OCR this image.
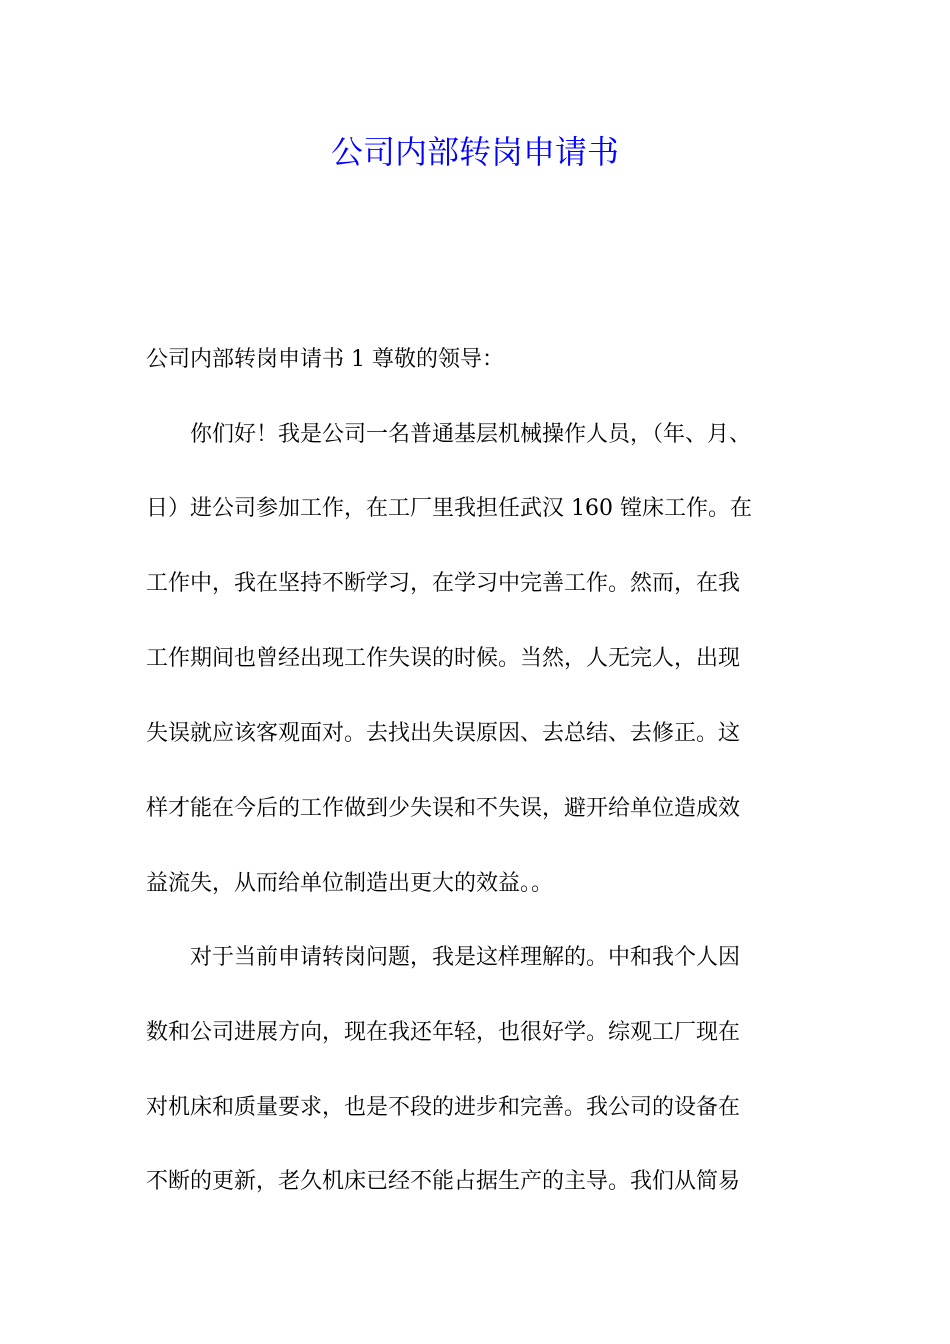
公司内部转岗申请书

公司内部转岗申请书 1 尊敬的领导：

　　你们好！我是公司一名普通基层机械操作人员，（年、月、

日）进公司参加工作，在工厂里我担任武汉 160 镗床工作。在

工作中，我在坚持不断学习，在学习中完善工作。然而，在我

工作期间也曾经出现工作失误的时候。当然，人无完人，出现

失误就应该客观面对。去找出失误原因、去总结、去修正。这

样才能在今后的工作做到少失误和不失误，避开给单位造成效

益流失，从而给单位制造出更大的效益。。

　　对于当前申请转岗问题，我是这样理解的。中和我个人因

数和公司进展方向，现在我还年轻，也很好学。综观工厂现在

对机床和质量要求，也是不段的进步和完善。我公司的设备在

不断的更新，老久机床已经不能占据生产的主导。我们从简易
